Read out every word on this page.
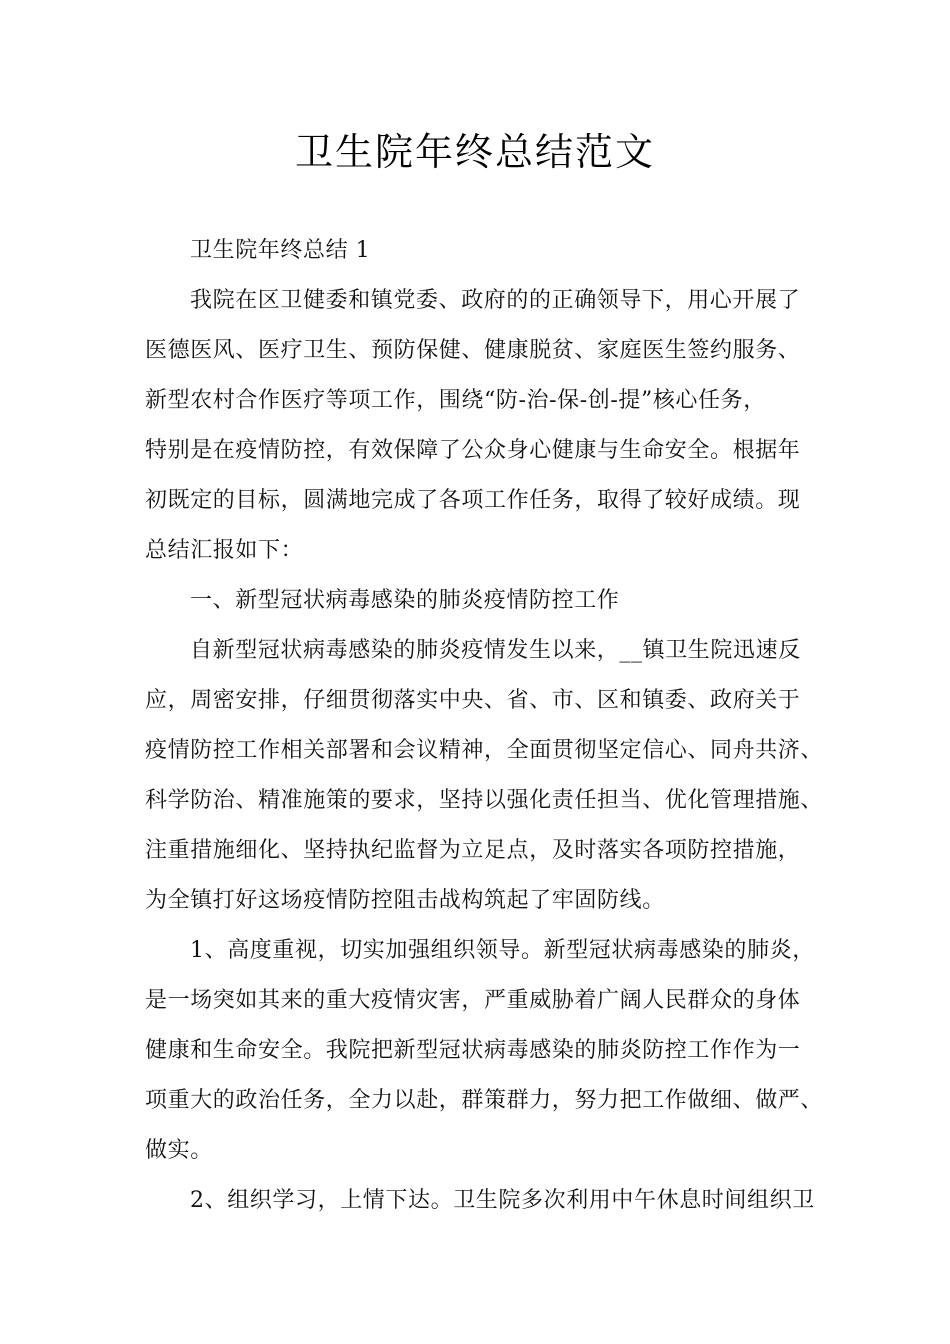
卫生院年终总结范文
卫生院年终总结 1
我院在区卫健委和镇党委、政府的的正确领导下，用心开展了
医德医风、医疗卫生、预防保健、健康脱贫、家庭医生签约服务、
新型农村合作医疗等项工作，围绕“防-治-保-创-提”核心任务，
特别是在疫情防控，有效保障了公众身心健康与生命安全。根据年
初既定的目标，圆满地完成了各项工作任务，取得了较好成绩。现
总结汇报如下：
一、新型冠状病毒感染的肺炎疫情防控工作
自新型冠状病毒感染的肺炎疫情发生以来，__镇卫生院迅速反
应，周密安排，仔细贯彻落实中央、省、市、区和镇委、政府关于
疫情防控工作相关部署和会议精神，全面贯彻坚定信心、同舟共济、
科学防治、精准施策的要求，坚持以强化责任担当、优化管理措施、
注重措施细化、坚持执纪监督为立足点，及时落实各项防控措施，
为全镇打好这场疫情防控阻击战构筑起了牢固防线。
1、高度重视，切实加强组织领导。新型冠状病毒感染的肺炎，
是一场突如其来的重大疫情灾害，严重威胁着广阔人民群众的身体
健康和生命安全。我院把新型冠状病毒感染的肺炎防控工作作为一
项重大的政治任务，全力以赴，群策群力，努力把工作做细、做严、
做实。
2、组织学习，上情下达。卫生院多次利用中午休息时间组织卫
